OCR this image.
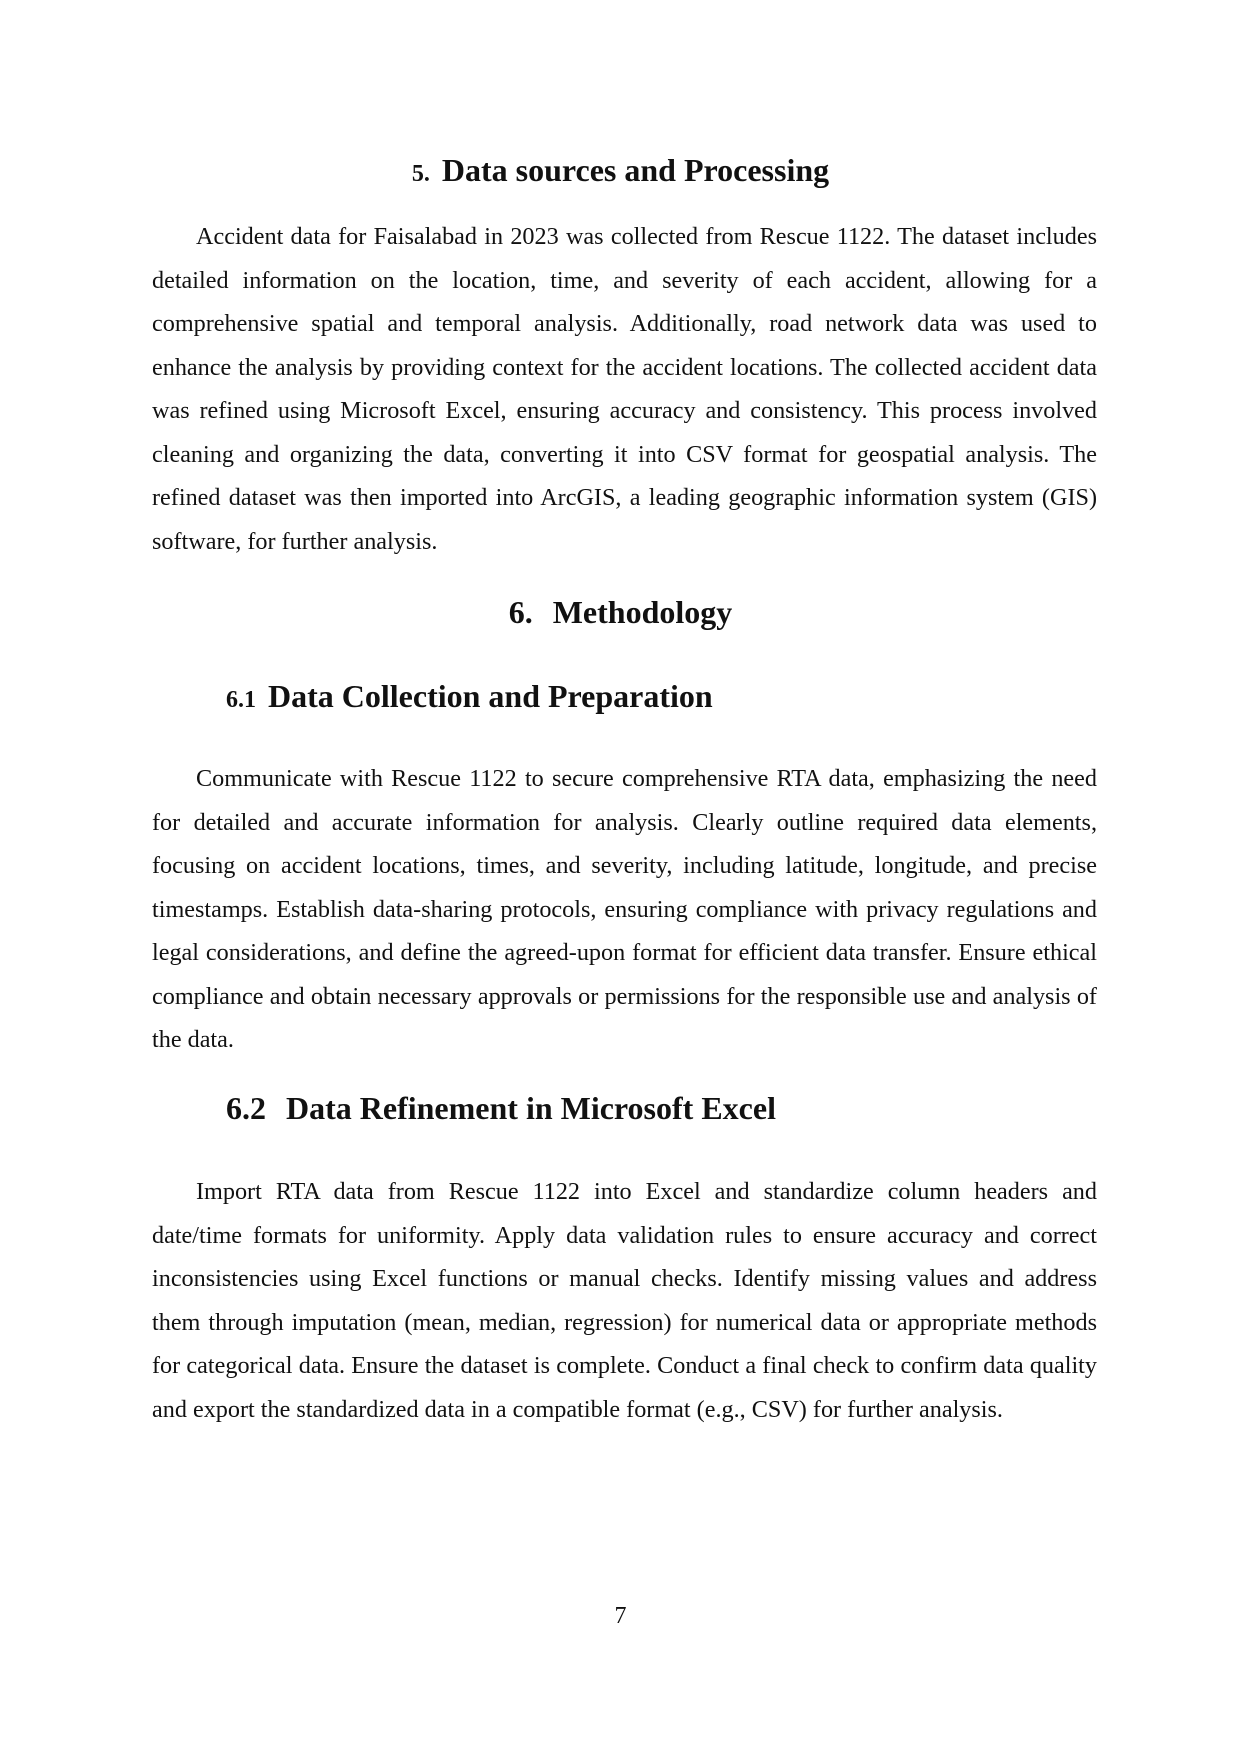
5. Data sources and Processing

Accident data for Faisalabad in 2023 was collected from Rescue 1122. The dataset includes detailed information on the location, time, and severity of each accident, allowing for a comprehensive spatial and temporal analysis. Additionally, road network data was used to enhance the analysis by providing context for the accident locations. The collected accident data was refined using Microsoft Excel, ensuring accuracy and consistency. This process involved cleaning and organizing the data, converting it into CSV format for geospatial analysis. The refined dataset was then imported into ArcGIS, a leading geographic information system (GIS) software, for further analysis.

6. Methodology
6.1 Data Collection and Preparation

Communicate with Rescue 1122 to secure comprehensive RTA data, emphasizing the need for detailed and accurate information for analysis. Clearly outline required data elements, focusing on accident locations, times, and severity, including latitude, longitude, and precise timestamps. Establish data-sharing protocols, ensuring compliance with privacy regulations and legal considerations, and define the agreed-upon format for efficient data transfer. Ensure ethical compliance and obtain necessary approvals or permissions for the responsible use and analysis of the data.

6.2 Data Refinement in Microsoft Excel

Import RTA data from Rescue 1122 into Excel and standardize column headers and date/time formats for uniformity. Apply data validation rules to ensure accuracy and correct inconsistencies using Excel functions or manual checks. Identify missing values and address them through imputation (mean, median, regression) for numerical data or appropriate methods for categorical data. Ensure the dataset is complete. Conduct a final check to confirm data quality and export the standardized data in a compatible format (e.g., CSV) for further analysis.

7
